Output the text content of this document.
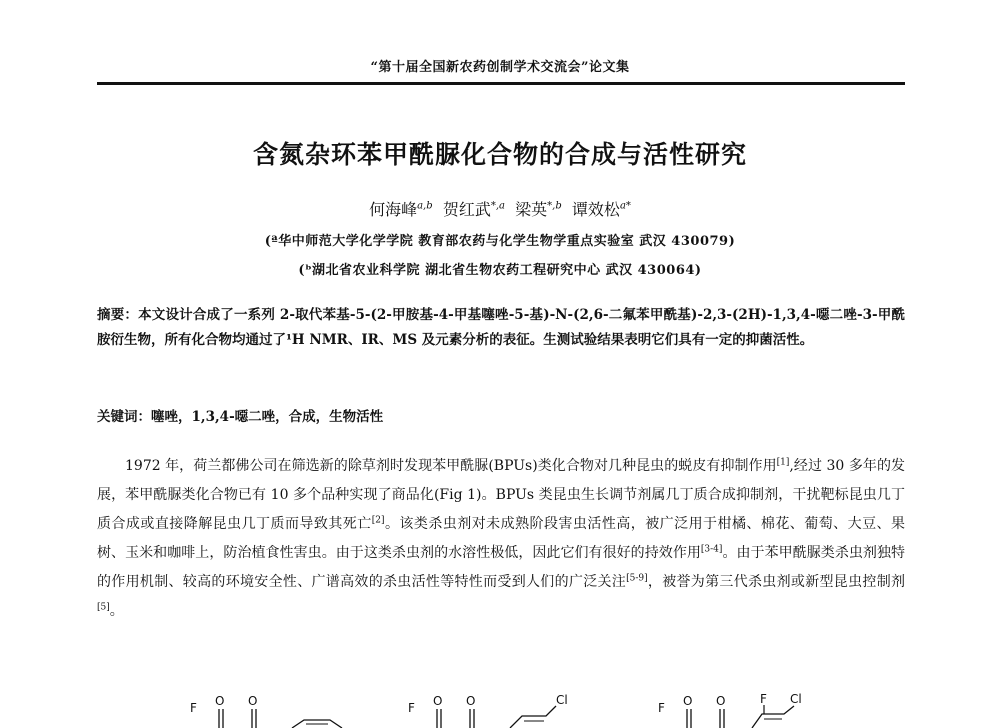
“第十届全国新农药创制学术交流会”论文集
含氮杂环苯甲酰脲化合物的合成与活性研究
何海峰$^{a,b}$ 贺红武$^{*,a}$ 梁英$^{*,b}$ 谭效松$^{a*}$
(ª华中师范大学化学学院 教育部农药与化学生物学重点实验室 武汉 430079)
(ᵇ湖北省农业科学院 湖北省生物农药工程研究中心 武汉 430064)
摘要：本文设计合成了一系列 2-取代苯基-5-(2-甲胺基-4-甲基噻唑-5-基)-N-(2,6-二氟苯甲酰基)-2,3-(2H)-1,3,4-噁二唑-3-甲酰胺衍生物，所有化合物均通过了¹H NMR、IR、MS 及元素分析的表征。生测试验结果表明它们具有一定的抑菌活性。
关键词：噻唑，1,3,4-噁二唑，合成，生物活性

1972 年，荷兰都佛公司在筛选新的除草剂时发现苯甲酰脲(BPUs)类化合物对几种昆虫的蜕皮有抑制作用[1],经过 30 多年的发展，苯甲酰脲类化合物已有 10 多个品种实现了商品化(Fig 1)。BPUs 类昆虫生长调节剂属几丁质合成抑制剂，干扰靶标昆虫几丁质合成或直接降解昆虫几丁质而导致其死亡[2]。该类杀虫剂对未成熟阶段害虫活性高，被广泛用于柑橘、棉花、葡萄、大豆、果树、玉米和咖啡上，防治植食性害虫。由于这类杀虫剂的水溶性极低，因此它们有很好的持效作用[3-4]。由于苯甲酰脲类杀虫剂独特的作用机制、较高的环境安全性、广谱高效的杀虫活性等特性而受到人们的广泛关注[5-9]，被誉为第三代杀虫剂或新型昆虫控制剂[5]。

F O O	F O O	Cl
F O O	F Cl
